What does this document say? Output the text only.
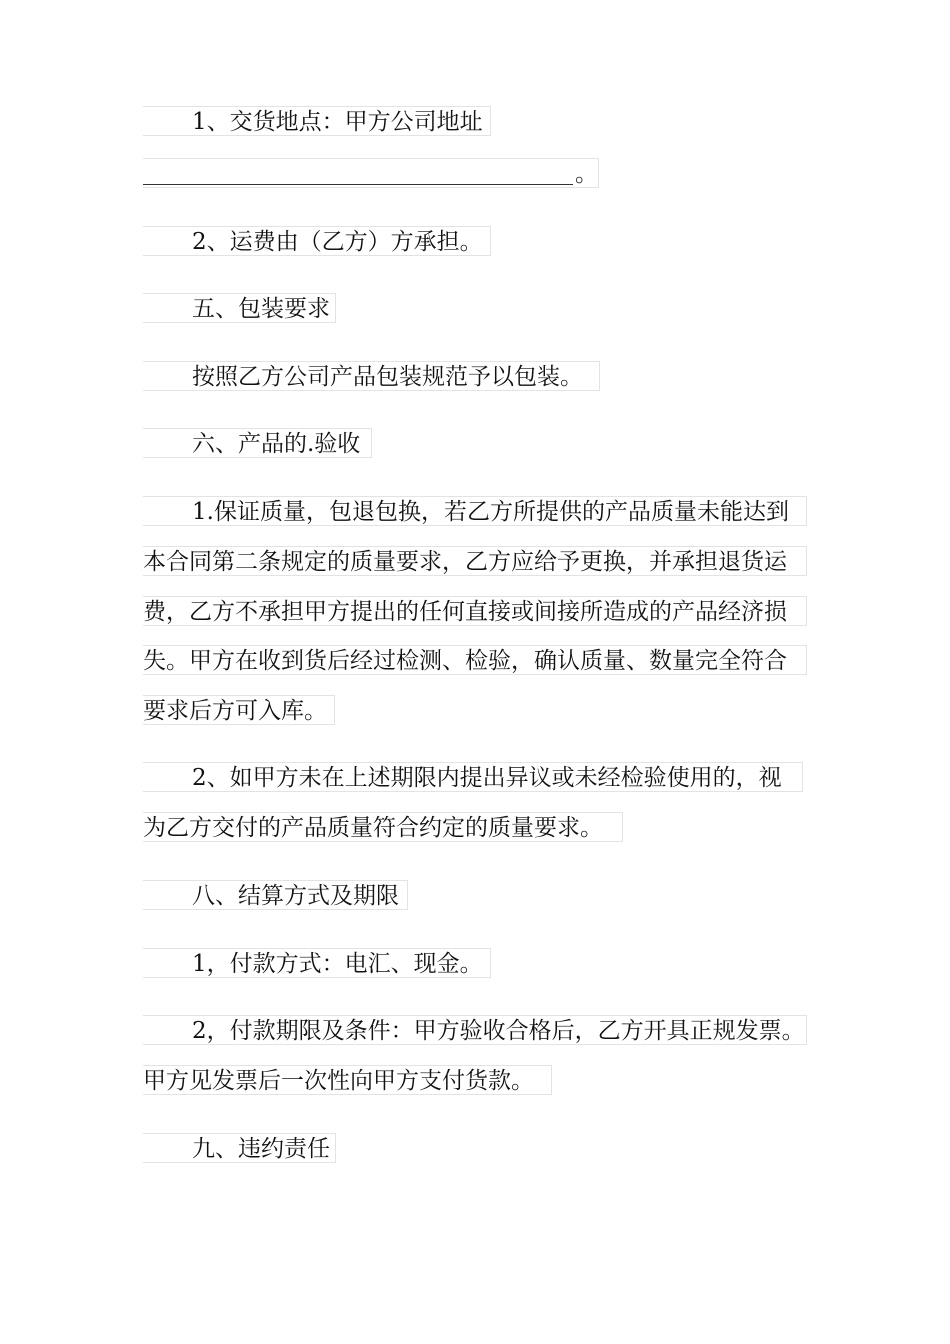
1、交货地点：甲方公司地址
。
2、运费由（乙方）方承担。
五、包装要求
按照乙方公司产品包装规范予以包装。
六、产品的.验收
1.保证质量，包退包换，若乙方所提供的产品质量未能达到
本合同第二条规定的质量要求，乙方应给予更换，并承担退货运
费，乙方不承担甲方提出的任何直接或间接所造成的产品经济损
失。甲方在收到货后经过检测、检验，确认质量、数量完全符合
要求后方可入库。
2、如甲方未在上述期限内提出异议或未经检验使用的，视
为乙方交付的产品质量符合约定的质量要求。
八、结算方式及期限
1，付款方式：电汇、现金。
2，付款期限及条件：甲方验收合格后，乙方开具正规发票。
甲方见发票后一次性向甲方支付货款。
九、违约责任
